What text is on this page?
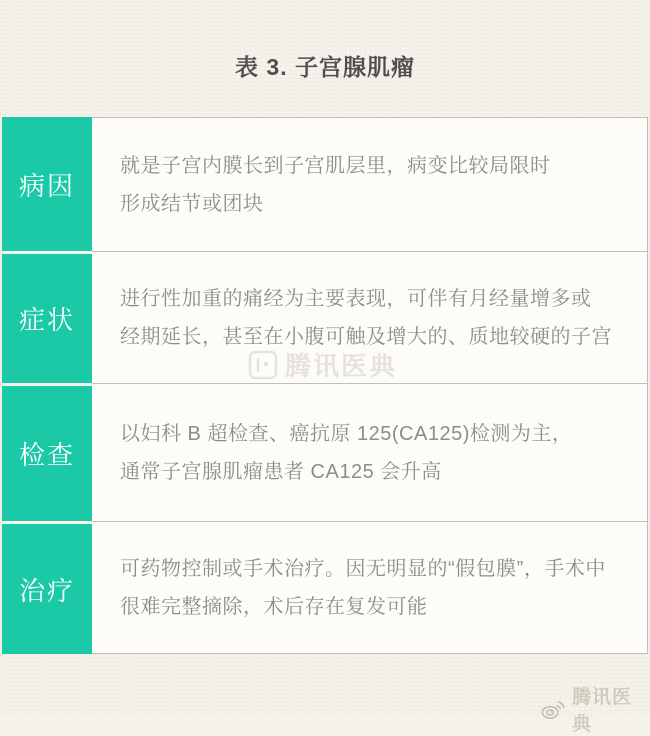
表 3. 子宫腺肌瘤
病因

就是子宫内膜长到子宫肌层里，病变比较局限时

形成结节或团块

症状

进行性加重的痛经为主要表现，可伴有月经量增多或

经期延长，甚至在小腹可触及增大的、质地较硬的子宫

检查

以妇科 B 超检查、癌抗原 125(CA125)检测为主，

通常子宫腺肌瘤患者 CA125 会升高

治疗

可药物控制或手术治疗。因无明显的“假包膜”，手术中

很难完整摘除，术后存在复发可能

腾讯医典
腾讯医典
